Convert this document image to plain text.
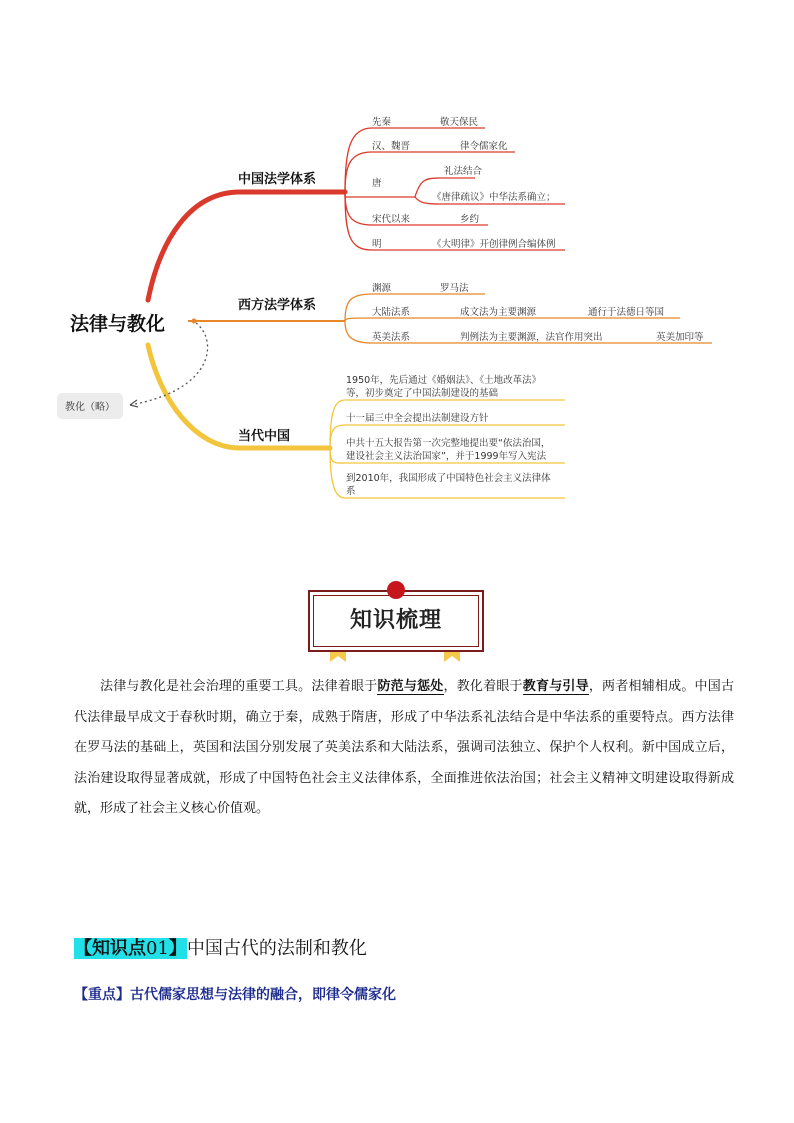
法律与教化
中国法学体系
西方法学体系
当代中国
教化（略）
先秦	敬天保民
汉、魏晋	律令儒家化
唐
礼法结合
《唐律疏议》中华法系确立；
宋代以来	乡约
明	《大明律》开创律例合编体例
渊源	罗马法
大陆法系	成文法为主要渊源	通行于法德日等国
英美法系	判例法为主要渊源，法官作用突出	英美加印等
1950年，先后通过《婚姻法》、《土地改革法》
等，初步奠定了中国法制建设的基础
十一届三中全会提出法制建设方针
中共十五大报告第一次完整地提出要“依法治国，
建设社会主义法治国家”，并于1999年写入宪法
到2010年，我国形成了中国特色社会主义法律体
系
知识梳理
法律与教化是社会治理的重要工具。法律着眼于防范与惩处，教化着眼于教育与引导，两者相辅相成。中国古代法律最早成文于春秋时期，确立于秦，成熟于隋唐，形成了中华法系礼法结合是中华法系的重要特点。西方法律在罗马法的基础上，英国和法国分别发展了英美法系和大陆法系，强调司法独立、保护个人权利。新中国成立后，法治建设取得显著成就，形成了中国特色社会主义法律体系，全面推进依法治国；社会主义精神文明建设取得新成就，形成了社会主义核心价值观。
【知识点01】中国古代的法制和教化
【重点】古代儒家思想与法律的融合，即律令儒家化
